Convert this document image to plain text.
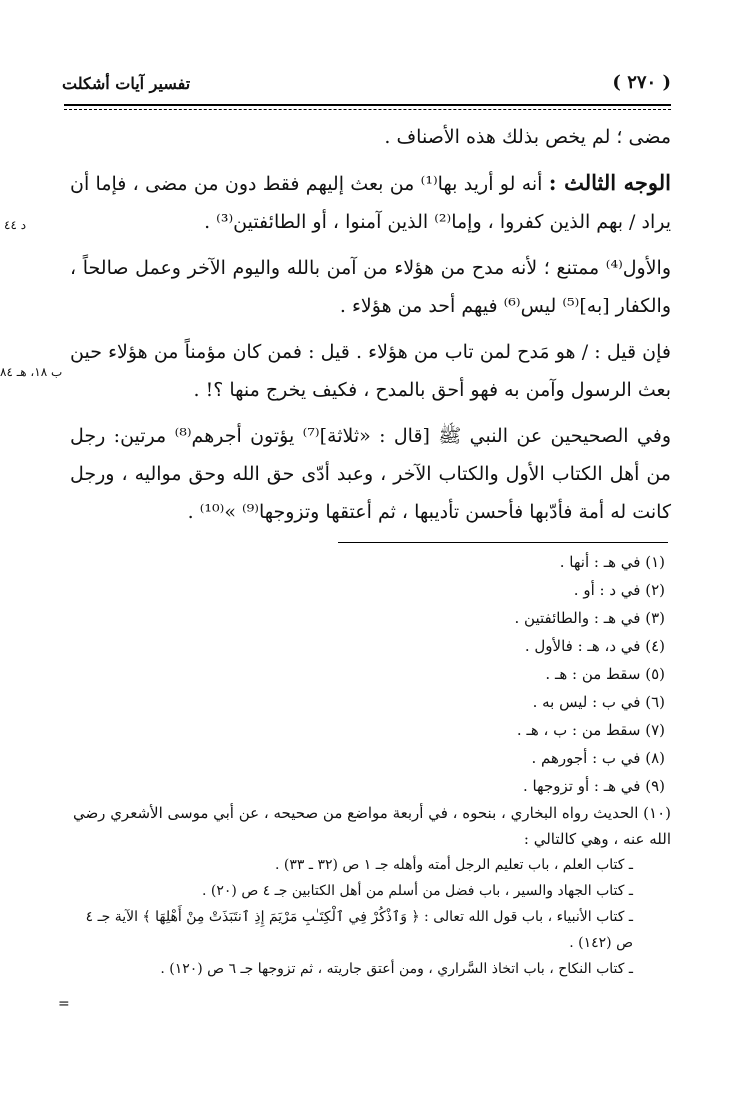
( ٢٧٠ )
تفسير آيات أشكلت
د ٤٤
ب ١٨، هـ ٨٤

مضى ؛ لم يخص بذلك هذه الأصناف .

الوجه الثالث : أنه لو أريد بها⁽¹⁾ من بعث إليهم فقط دون من مضى ، فإما أن يراد / بهم الذين كفروا ، وإما⁽²⁾ الذين آمنوا ، أو الطائفتين⁽³⁾ .

والأول⁽⁴⁾ ممتنع ؛ لأنه مدح من هؤلاء من آمن بالله واليوم الآخر وعمل صالحاً ، والكفار [به]⁽⁵⁾ ليس⁽⁶⁾ فيهم أحد من هؤلاء .

فإن قيل : / هو مَدح لمن تاب من هؤلاء . قيل : فمن كان مؤمناً من هؤلاء حين بعث الرسول وآمن به فهو أحق بالمدح ، فكيف يخرج منها ؟! .

وفي الصحيحين عن النبي ﷺ [قال : «ثلاثة]⁽⁷⁾ يؤتون أجرهم⁽⁸⁾ مرتين: رجل من أهل الكتاب الأول والكتاب الآخر ، وعبد أدّى حق الله وحق مواليه ، ورجل كانت له أمة فأدّبها فأحسن تأديبها ، ثم أعتقها وتزوجها⁽⁹⁾ »⁽¹⁰⁾ .

(١) في هـ : أنها .
(٢) في د : أو .
(٣) في هـ : والطائفتين .
(٤) في د، هـ : فالأول .
(٥) سقط من : هـ .
(٦) في ب : ليس به .
(٧) سقط من : ب ، هـ .
(٨) في ب : أجورهم .
(٩) في هـ : أو تزوجها .
(١٠) الحديث رواه البخاري ، بنحوه ، في أربعة مواضع من صحيحه ، عن أبي موسى الأشعري رضي الله عنه ، وهي كالتالي :
ـ كتاب العلم ، باب تعليم الرجل أمته وأهله جـ ١ ص (٣٢ ـ ٣٣) .
ـ كتاب الجهاد والسير ، باب فضل من أسلم من أهل الكتابين جـ ٤ ص (٢٠) .
ـ كتاب الأنبياء ، باب قول الله تعالى : ﴿ وَٱذْكُرْ فِي ٱلْكِتَـٰبِ مَرْيَمَ إِذِ ٱنتَبَذَتْ مِنْ أَهْلِهَا ﴾ الآية جـ ٤ ص (١٤٢) .
ـ كتاب النكاح ، باب اتخاذ السَّراري ، ومن أعتق جاريته ، ثم تزوجها جـ ٦ ص (١٢٠) .
=
